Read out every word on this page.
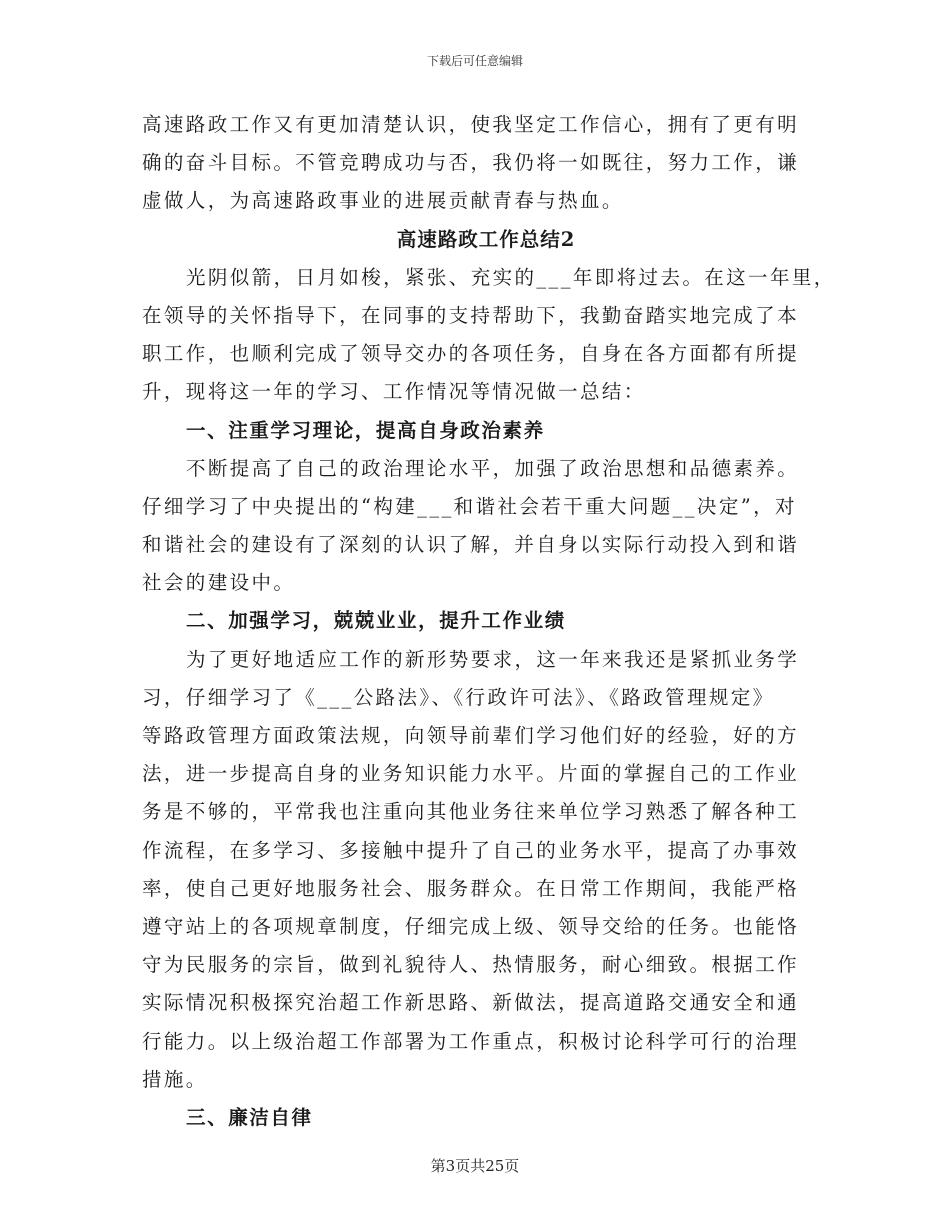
下载后可任意编辑
高速路政工作又有更加清楚认识，使我坚定工作信心，拥有了更有明
确的奋斗目标。不管竞聘成功与否，我仍将一如既往，努力工作，谦
虚做人，为高速路政事业的进展贡献青春与热血。
高速路政工作总结2
光阴似箭，日月如梭，紧张、充实的___年即将过去。在这一年里，
在领导的关怀指导下，在同事的支持帮助下，我勤奋踏实地完成了本
职工作，也顺利完成了领导交办的各项任务，自身在各方面都有所提
升，现将这一年的学习、工作情况等情况做一总结：
一、注重学习理论，提高自身政治素养
不断提高了自己的政治理论水平，加强了政治思想和品德素养。
仔细学习了中央提出的“构建___和谐社会若干重大问题__决定”，对
和谐社会的建设有了深刻的认识了解，并自身以实际行动投入到和谐
社会的建设中。
二、加强学习，兢兢业业，提升工作业绩
为了更好地适应工作的新形势要求，这一年来我还是紧抓业务学
习，仔细学习了《___公路法》、《行政许可法》、《路政管理规定》
等路政管理方面政策法规，向领导前辈们学习他们好的经验，好的方
法，进一步提高自身的业务知识能力水平。片面的掌握自己的工作业
务是不够的，平常我也注重向其他业务往来单位学习熟悉了解各种工
作流程，在多学习、多接触中提升了自己的业务水平，提高了办事效
率，使自己更好地服务社会、服务群众。在日常工作期间，我能严格
遵守站上的各项规章制度，仔细完成上级、领导交给的任务。也能恪
守为民服务的宗旨，做到礼貌待人、热情服务，耐心细致。根据工作
实际情况积极探究治超工作新思路、新做法，提高道路交通安全和通
行能力。以上级治超工作部署为工作重点，积极讨论科学可行的治理
措施。
三、廉洁自律
第3页共25页
